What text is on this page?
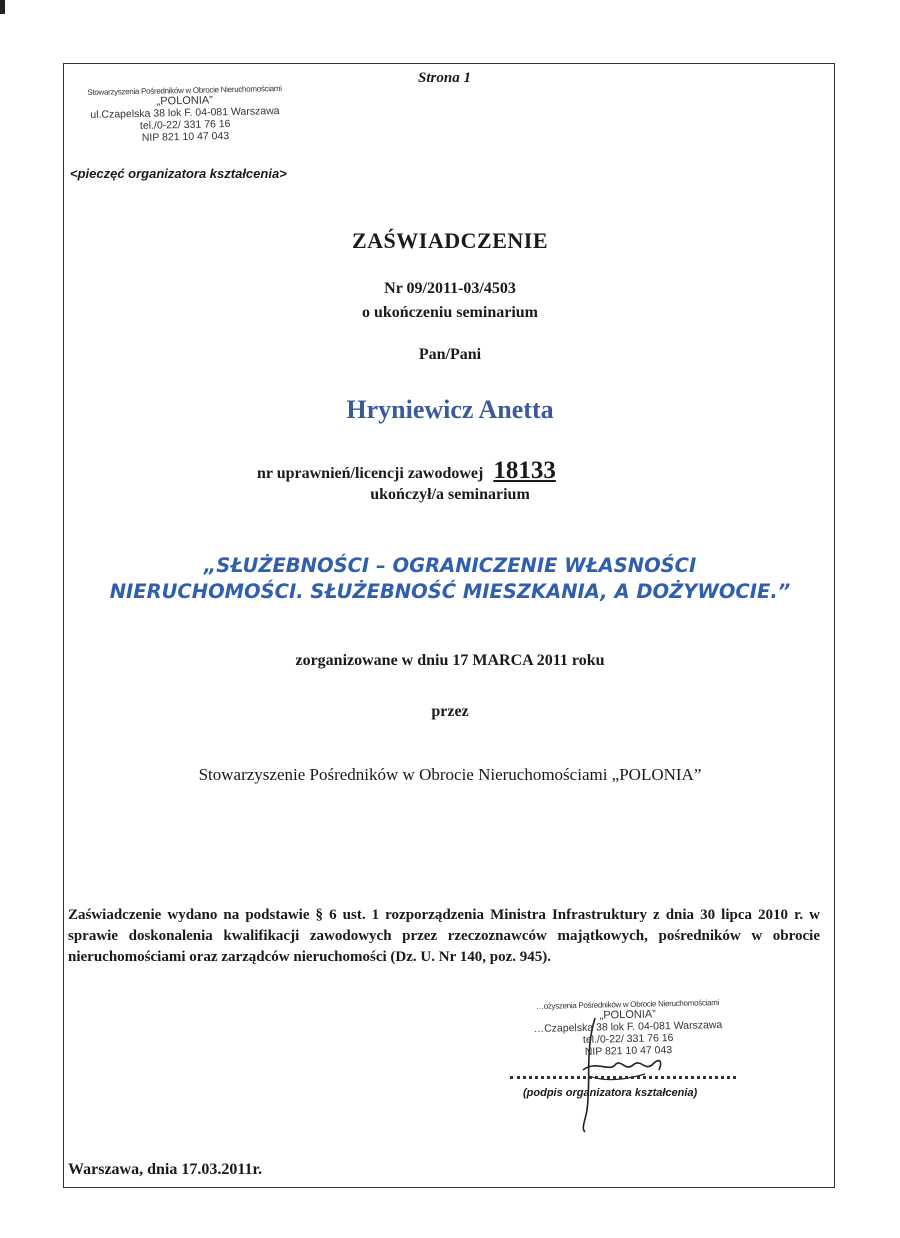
Strona 1
Stowarzyszenia Pośredników w Obrocie Nieruchomościami
„POLONIA”
ul.Czapelska 38 lok F. 04-081 Warszawa
tel./0-22/ 331 76 16
NIP 821 10 47 043
<pieczęć organizatora kształcenia>
ZAŚWIADCZENIE
Nr 09/2011-03/4503
o ukończeniu seminarium
Pan/Pani
Hryniewicz Anetta
nr uprawnień/licencji zawodowej 18133
ukończył/a seminarium
„SŁUŻEBNOŚCI – OGRANICZENIE WŁASNOŚCI
NIERUCHOMOŚCI. SŁUŻEBNOŚĆ MIESZKANIA, A DOŻYWOCIE.”
zorganizowane w dniu 17 MARCA 2011 roku
przez
Stowarzyszenie Pośredników w Obrocie Nieruchomościami „POLONIA”
Zaświadczenie wydano na podstawie § 6 ust. 1 rozporządzenia Ministra Infrastruktury z dnia 30 lipca 2010 r. w sprawie doskonalenia kwalifikacji zawodowych przez rzeczoznawców majątkowych, pośredników w obrocie nieruchomościami oraz zarządców nieruchomości (Dz. U. Nr 140, poz. 945).
…ożyszenia Pośredników w Obrocie Nieruchomościami
„POLONIA”
…Czapelska 38 lok F. 04-081 Warszawa
tel./0-22/ 331 76 16
NIP 821 10 47 043
(podpis organizatora kształcenia)
Warszawa, dnia 17.03.2011r.
